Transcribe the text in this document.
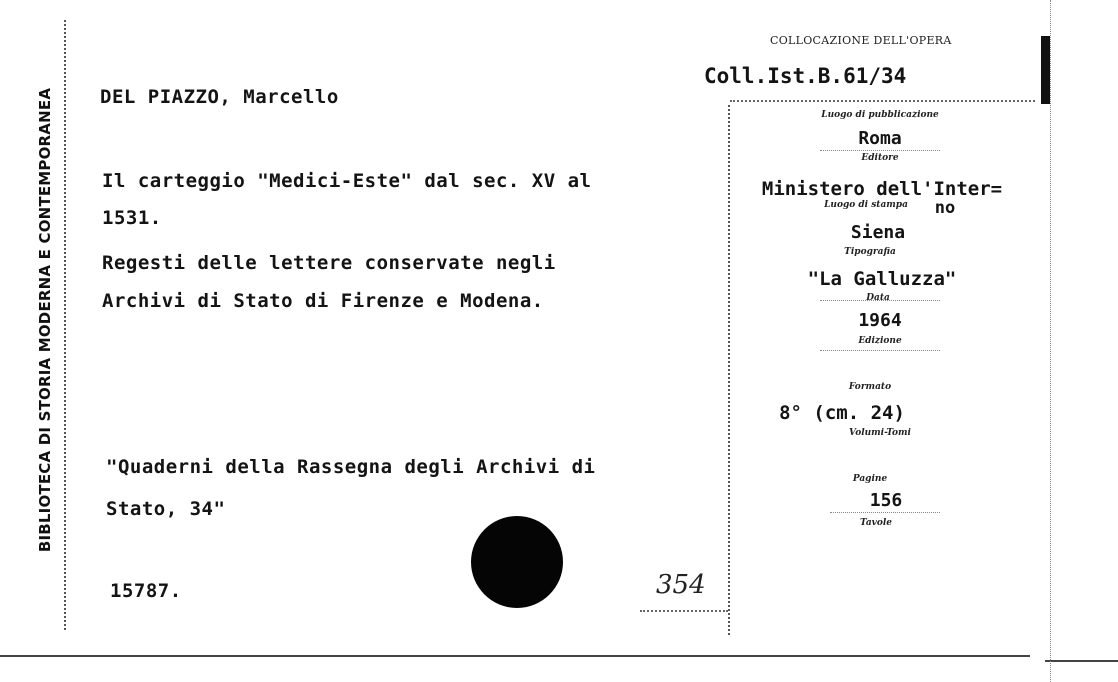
BIBLIOTECA DI STORIA MODERNA E CONTEMPORANEA DEL PIAZZO, Marcello
Il carteggio "Medici-Este" dal sec. XV al
1531.
Regesti delle lettere conservate negli
Archivi di Stato di Firenze e Modena.
"Quaderni della Rassegna degli Archivi di
Stato, 34"
15787.	354
COLLOCAZIONE DELL'OPERA
Coll.Ist.B.61/34
Luogo di pubblicazione
Roma
Editore
Ministero dell'Inter=
Luogo di stampa no
Siena
Tipografia
"La Galluzza"
Data
1964
Edizione
Formato
8° (cm. 24)
Volumi-Tomi
Pagine
156
Tavole
